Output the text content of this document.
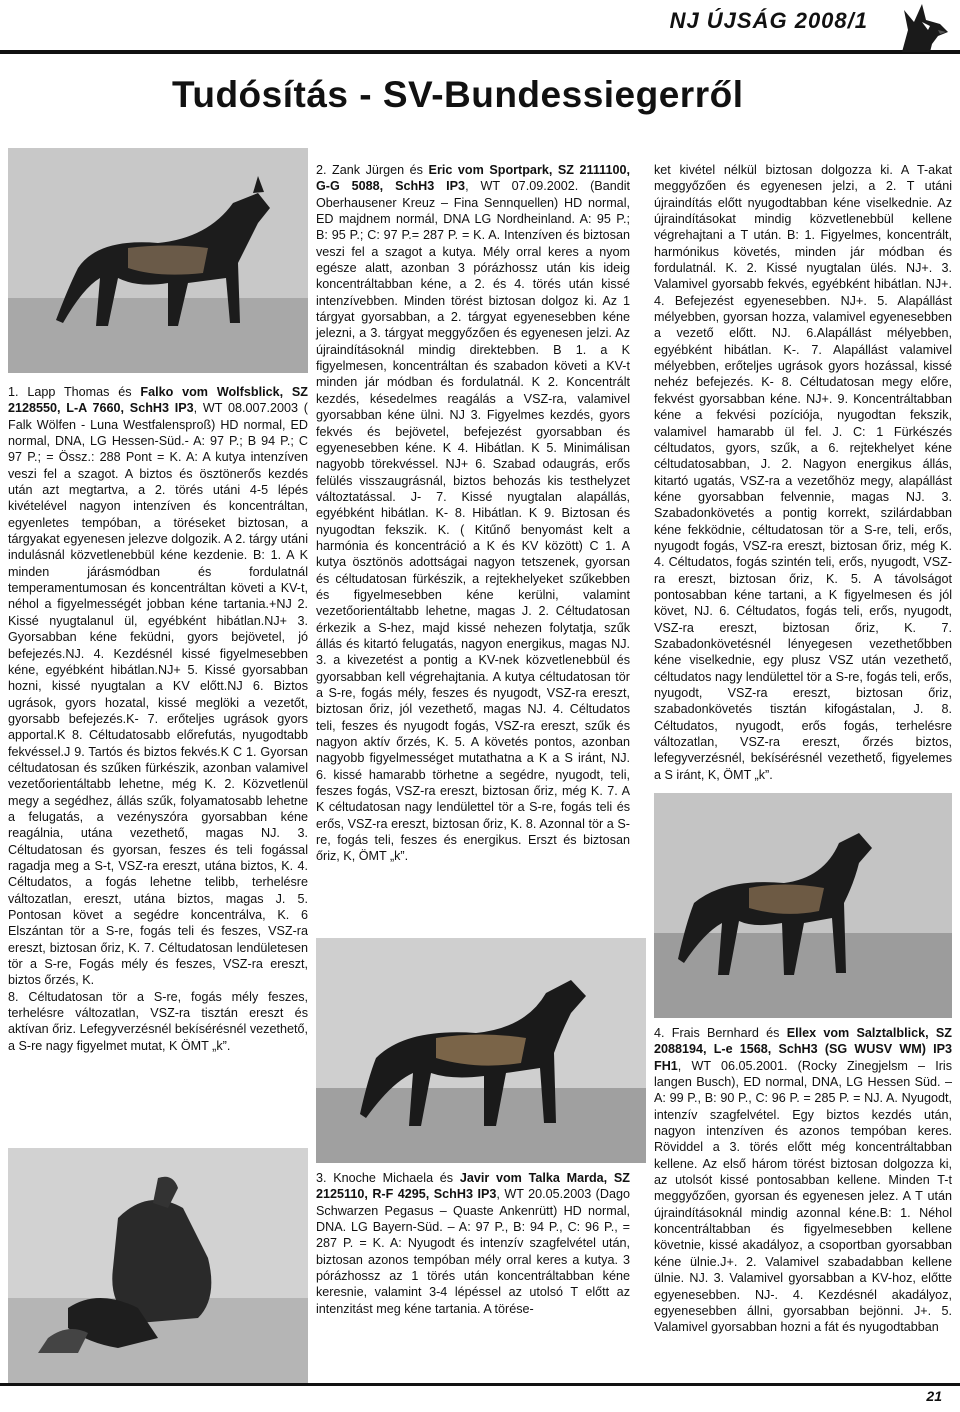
NJ ÚJSÁG 2008/1
Tudósítás - SV-Bundessiegerről

1. Lapp Thomas és Falko vom Wolfsblick, SZ 2128550, L-A 7660, SchH3 IP3, WT 08.007.2003 ( Falk Wölfen - Luna Westfalensproß) HD normal, ED normal, DNA, LG Hessen-Süd.- A: 97 P.; B 94 P.; C 97 P.; = Össz.: 288 Pont = K. A: A kutya intenzíven veszi fel a szagot. A biztos és ösztönerős kezdés után azt megtartva, a 2. törés utáni 4-5 lépés kivételével nagyon intenzíven és koncentráltan, egyenletes tempóban, a töréseket biztosan, a tárgyakat egyenesen jelezve dolgozik. A 2. tárgy utáni indulásnál közvetlenebbül kéne kezdenie. B: 1. A K minden járásmódban és fordulatnál temperamentumosan és koncentráltan követi a KV-t, néhol a figyelmességét jobban kéne tartania.+NJ 2. Kissé nyugtalanul ül, egyébként hibátlan.NJ+ 3. Gyorsabban kéne feküdni, gyors bejövetel, jó befejezés.NJ. 4. Kezdésnél kissé figyelmesebben kéne, egyébként hibátlan.NJ+ 5. Kissé gyorsabban hozni, kissé nyugtalan a KV előtt.NJ 6. Biztos ugrások, gyors hozatal, kissé meglöki a vezetőt, gyorsabb befejezés.K- 7. erőteljes ugrások gyors apportal.K 8. Céltudatosabb előrefutás, nyugodtabb fekvéssel.J 9. Tartós és biztos fekvés.K C 1. Gyorsan céltudatosan és szűken fürkészik, azonban valamivel vezetőorientáltabb lehetne, még K. 2. Közvetlenül megy a segédhez, állás szűk, folyamatosabb lehetne a felugatás, a vezényszóra gyorsabban kéne reagálnia, utána vezethető, magas NJ. 3. Céltudatosan és gyorsan, feszes és teli fogással ragadja meg a S-t, VSZ-ra ereszt, utána biztos, K. 4. Céltudatos, a fogás lehetne telibb, terhelésre változatlan, ereszt, utána biztos, magas J. 5. Pontosan követ a segédre koncentrálva, K. 6 Elszántan tör a S-re, fogás teli és feszes, VSZ-ra ereszt, biztosan őriz, K. 7. Céltudatosan lendületesen tör a S-re, Fogás mély és feszes, VSZ-ra ereszt, biztos őrzés, K.

8. Céltudatosan tör a S-re, fogás mély feszes, terhelésre változatlan, VSZ-ra tisztán ereszt és aktívan őriz. Lefegyverzésnél bekísérésnél vezethető, a S-re nagy figyelmet mutat, K ÖMT „k”.

2. Zank Jürgen és Eric vom Sportpark, SZ 2111100, G-G 5088, SchH3 IP3, WT 07.09.2002. (Bandit Oberhausener Kreuz – Fina Sennquellen) HD normal, ED majdnem normál, DNA LG Nordheinland. A: 95 P.; B: 95 P.; C: 97 P.= 287 P. = K. A. Intenzíven és biztosan veszi fel a szagot a kutya. Mély orral keres a nyom egésze alatt, azonban 3 pórázhossz után kis ideig koncentráltabban kéne, a 2. és 4. törés után kissé intenzívebben. Minden törést biztosan dolgoz ki. Az 1 tárgyat gyorsabban, a 2. tárgyat egyenesebben kéne jelezni, a 3. tárgyat meggyőzően és egyenesen jelzi. Az újraindításoknál mindig direktebben. B 1. a K figyelmesen, koncentráltan és szabadon követi a KV-t minden jár módban és fordulatnál. K 2. Koncentrált kezdés, késedelmes reagálás a VSZ-ra, valamivel gyorsabban kéne ülni. NJ 3. Figyelmes kezdés, gyors fekvés és bejövetel, befejezést gyorsabban és egyenesebben kéne. K 4. Hibátlan. K 5. Minimálisan nagyobb törekvéssel. NJ+ 6. Szabad odaugrás, erős felülés visszaugrásnál, biztos behozás kis testhelyzet változtatással. J- 7. Kissé nyugtalan alapállás, egyébként hibátlan. K- 8. Hibátlan. K 9. Biztosan és nyugodtan fekszik. K. ( Kitűnő benyomást kelt a harmónia és koncentráció a K és KV között) C 1. A kutya ösztönös adottságai nagyon tetszenek, gyorsan és céltudatosan fürkészik, a rejtekhelyeket szűkebben és figyelmesebben kéne kerülni, valamint vezetőorientáltabb lehetne, magas J. 2. Céltudatosan érkezik a S-hez, majd kissé nehezen folytatja, szűk állás és kitartó felugatás, nagyon energikus, magas NJ. 3. a kivezetést a pontig a KV-nek közvetlenebbül és gyorsabban kell végrehajtania. A kutya céltudatosan tör a S-re, fogás mély, feszes és nyugodt, VSZ-ra ereszt, biztosan őriz, jól vezethető, magas NJ. 4. Céltudatos teli, feszes és nyugodt fogás, VSZ-ra ereszt, szűk és nagyon aktív őrzés, K. 5. A követés pontos, azonban nagyobb figyelmességet mutathatna a K a S iránt, NJ. 6. kissé hamarabb törhetne a segédre, nyugodt, teli, feszes fogás, VSZ-ra ereszt, biztosan őriz, még K. 7. A K céltudatosan nagy lendülettel tör a S-re, fogás teli és erős, VSZ-ra ereszt, biztosan őriz, K. 8. Azonnal tör a S-re, fogás teli, feszes és energikus. Erszt és biztosan őriz, K, ÖMT „k”.

3. Knoche Michaela és Javir vom Talka Marda, SZ 2125110, R-F 4295, SchH3 IP3, WT 20.05.2003 (Dago Schwarzen Pegasus – Quaste Ankenrütt) HD normal, DNA. LG Bayern-Süd. – A: 97 P., B: 94 P., C: 96 P., = 287 P. = K. A: Nyugodt és intenzív szagfelvétel után, biztosan azonos tempóban mély orral keres a kutya. 3 pórázhossz az 1 törés után koncentráltabban kéne keresnie, valamint 3-4 lépéssel az utolsó T előtt az intenzitást meg kéne tartania. A törése-

ket kivétel nélkül biztosan dolgozza ki. A T-akat meggyőzően és egyenesen jelzi, a 2. T utáni újraindítás előtt nyugodtabban kéne viselkednie. Az újraindításokat mindig közvetlenebbül kellene végrehajtani a T után. B: 1. Figyelmes, koncentrált, harmónikus követés, minden jár módban és fordulatnál. K. 2. Kissé nyugtalan ülés. NJ+. 3. Valamivel gyorsabb fekvés, egyébként hibátlan. NJ+. 4. Befejezést egyenesebben. NJ+. 5. Alapállást mélyebben, gyorsan hozza, valamivel egyenesebben a vezető előtt. NJ. 6.Alapállást mélyebben, egyébként hibátlan. K-. 7. Alapállást valamivel mélyebben, erőteljes ugrások gyors hozással, kissé nehéz befejezés. K- 8. Céltudatosan megy előre, fekvést gyorsabban kéne. NJ+. 9. Koncentráltabban kéne a fekvési pozíciója, nyugodtan fekszik, valamivel hamarabb ül fel. J. C: 1 Fürkészés céltudatos, gyors, szűk, a 6. rejtekhelyet kéne céltudatosabban, J. 2. Nagyon energikus állás, kitartó ugatás, VSZ-ra a vezetőhöz megy, alapállást kéne gyorsabban felvennie, magas NJ. 3. Szabadonkövetés a pontig korrekt, szilárdabban kéne fekködnie, céltudatosan tör a S-re, teli, erős, nyugodt fogás, VSZ-ra ereszt, biztosan őriz, még K. 4. Céltudatos, fogás szintén teli, erős, nyugodt, VSZ-ra ereszt, biztosan őriz, K. 5. A távolságot pontosabban kéne tartani, a K figyelmesen és jól követ, NJ. 6. Céltudatos, fogás teli, erős, nyugodt, VSZ-ra ereszt, biztosan őriz, K. 7. Szabadonkövetésnél lényegesen vezethetőbben kéne viselkednie, egy plusz VSZ után vezethető, céltudatos nagy lendülettel tör a S-re, fogás teli, erős, nyugodt, VSZ-ra ereszt, biztosan őriz, szabadonkövetés tisztán kifogástalan, J. 8. Céltudatos, nyugodt, erős fogás, terhelésre változatlan, VSZ-ra ereszt, őrzés biztos, lefegyverzésnél, bekísérésnél vezethető, figyelemes a S iránt, K, ÖMT „k”.

4. Frais Bernhard és Ellex vom Salztalblick, SZ 2088194, L-e 1568, SchH3 (SG WUSV WM) IP3 FH1, WT 06.05.2001. (Rocky Zinegjelsm – Iris langen Busch), ED normal, DNA, LG Hessen Süd. –A: 99 P., B: 90 P., C: 96 P. = 285 P. = NJ. A. Nyugodt, intenzív szagfelvétel. Egy biztos kezdés után, nagyon intenzíven és azonos tempóban keres. Röviddel a 3. törés előtt még koncentráltabban kellene. Az első három törést biztosan dolgozza ki, az utolsót kissé pontosabban kellene. Minden T-t meggyőzően, gyorsan és egyenesen jelez. A T után újraindításoknál mindig azonnal kéne.B: 1. Néhol koncentráltabban és figyelmesebben kellene követnie, kissé akadályoz, a csoportban gyorsabban kéne ülnie.J+. 2. Valamivel szabadabban kellene ülnie. NJ. 3. Valamivel gyorsabban a KV-hoz, előtte egyenesebben. NJ-. 4. Kezdésnél akadályoz, egyenesebben állni, gyorsabban bejönni. J+. 5. Valamivel gyorsabban hozni a fát és nyugodtabban

21
